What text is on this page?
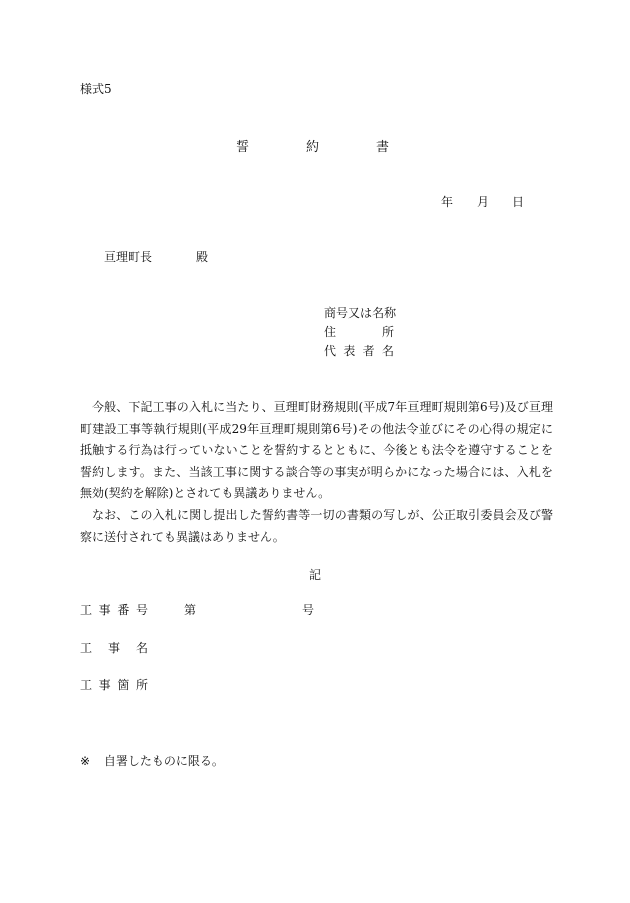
様式5
誓	約	書
年 月 日
亘理町長	殿
商 号 又 は 名 称
住	所
代 表 者 名

今般、下記工事の入札に当たり、亘理町財務規則(平成7年亘理町規則第6号)及び亘理町建設工事等執行規則(平成29年亘理町規則第6号)その他法令並びにその心得の規定に抵触する行為は行っていないことを誓約するとともに、今後とも法令を遵守することを誓約します。また、当該工事に関する談合等の事実が明らかになった場合には、入札を無効(契約を解除)とされても異議ありません。

なお、この入札に関し提出した誓約書等一切の書類の写しが、公正取引委員会及び警察に送付されても異議はありません。

記
工 事 番 号	第	号
工 事 名
工 事 箇 所
※ 自署したものに限る。
